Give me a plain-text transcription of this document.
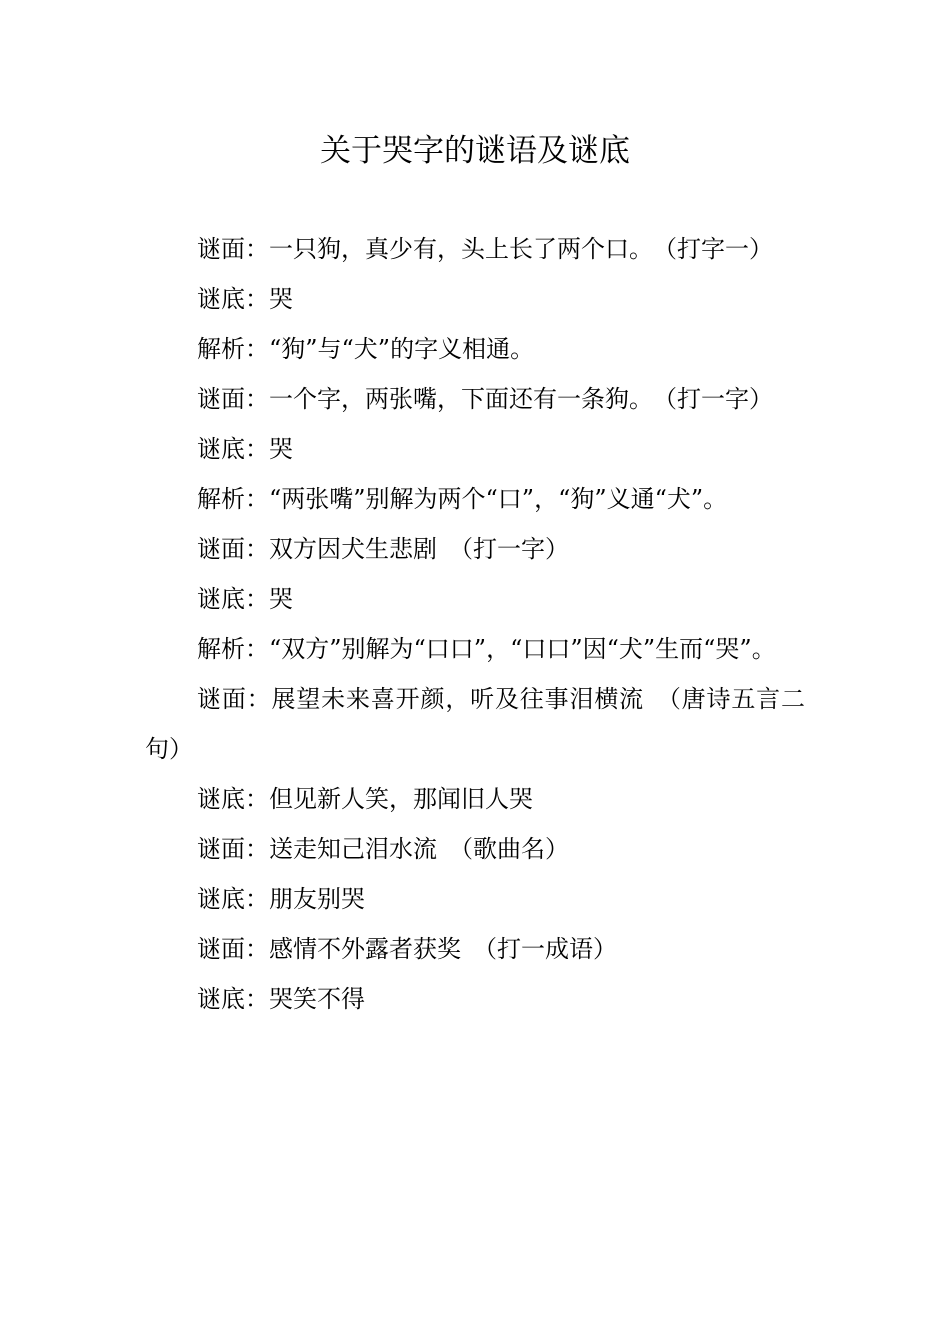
关于哭字的谜语及谜底

谜面：一只狗，真少有，头上长了两个口。　（打字一）

谜底：哭

解析：“狗”与“犬”的字义相通。

谜面：一个字，两张嘴，下面还有一条狗。　（打一字）

谜底：哭

解析：“两张嘴”别解为两个“口”，“狗”义通“犬”。

谜面：双方因犬生悲剧　（打一字）

谜底：哭

解析：“双方”别解为“口口”，“口口”因“犬”生而“哭”。

谜面：展望未来喜开颜，听及往事泪横流　（唐诗五言二句）

谜底：但见新人笑，那闻旧人哭

谜面：送走知己泪水流　（歌曲名）

谜底：朋友别哭

谜面：感情不外露者获奖　（打一成语）

谜底：哭笑不得
